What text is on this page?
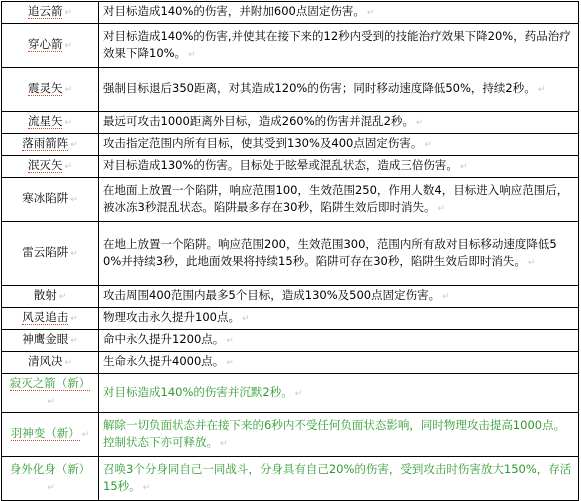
追云箭 ↵	对目标造成140%的伤害，并附加600点固定伤害。 ↵
穿心箭 ↵	对目标造成140%的伤害,并使其在接下来的12秒内受到的技能治疗效果下降20%，药品治疗效果下降10%。 ↵
震灵矢 ↵	强制目标退后350距离，对其造成120%的伤害；同时移动速度降低50%，持续2秒。 ↵
流星矢 ↵	最远可攻击1000距离外目标，造成260%的伤害并混乱2秒。 ↵
落雨箭阵 ↵	攻击指定范围内所有目标，使其受到130%及400点固定伤害。 ↵
泯灭矢 ↵	对目标造成130%的伤害。目标处于眩晕或混乱状态，造成三倍伤害。 ↵
寒冰陷阱 ↵	在地面上放置一个陷阱，响应范围100，生效范围250，作用人数4，目标进入响应范围后，被冰冻3秒混乱状态。陷阱最多存在30秒，陷阱生效后即时消失。 ↵
雷云陷阱 ↵	在地上放置一个陷阱。响应范围200，生效范围300，范围内所有敌对目标移动速度降低50%并持续3秒，此地面效果将持续15秒。陷阱可存在30秒，陷阱生效后即时消失。 ↵
散射 ↵	攻击周围400范围内最多5个目标，造成130%及500点固定伤害。 ↵
风灵追击 ↵	物理攻击永久提升100点。 ↵
神鹰金眼 ↵	命中永久提升1200点。 ↵
清风决 ↵	生命永久提升4000点。 ↵
寂灭之箭（新）↵	对目标造成140%的伤害并沉默2秒。 ↵
羽神变（新） ↵	解除一切负面状态并在接下来的6秒内不受任何负面状态影响，同时物理攻击提高1000点。控制状态下亦可释放。 ↵
身外化身（新）↵	召唤3个分身同自己一同战斗，分身具有自己20%的伤害，受到攻击时伤害放大150%，存活15秒。 ↵
